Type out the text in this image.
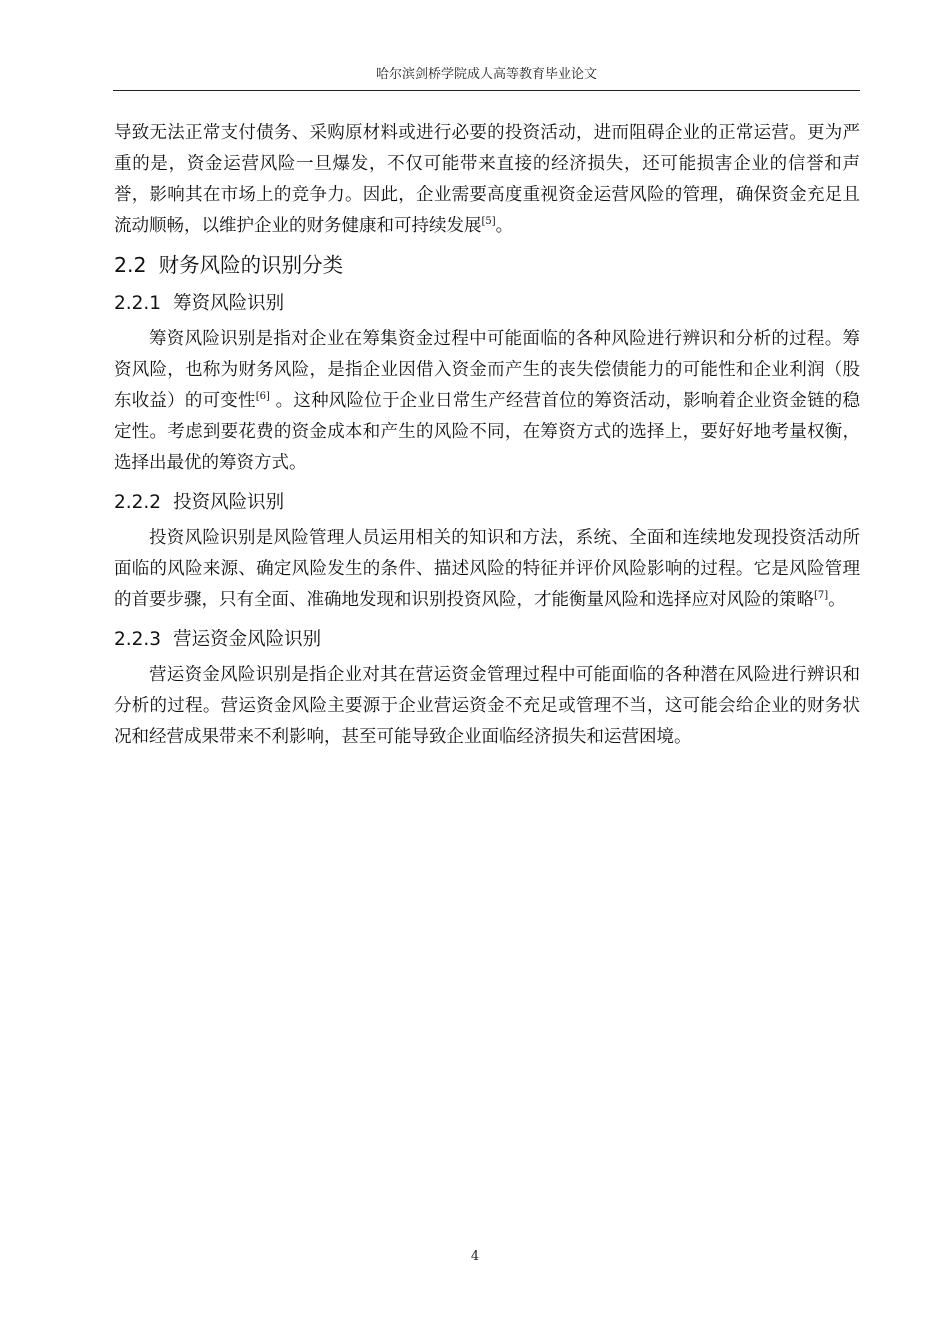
哈尔滨剑桥学院成人高等教育毕业论文

导致无法正常支付债务、采购原材料或进行必要的投资活动，进而阻碍企业的正常运营。更为严重的是，资金运营风险一旦爆发，不仅可能带来直接的经济损失，还可能损害企业的信誉和声誉，影响其在市场上的竞争力。因此，企业需要高度重视资金运营风险的管理，确保资金充足且流动顺畅，以维护企业的财务健康和可持续发展[5]。

2.2 财务风险的识别分类
2.2.1 筹资风险识别

筹资风险识别是指对企业在筹集资金过程中可能面临的各种风险进行辨识和分析的过程。筹资风险，也称为财务风险，是指企业因借入资金而产生的丧失偿债能力的可能性和企业利润（股东收益）的可变性[6] 。这种风险位于企业日常生产经营首位的筹资活动，影响着企业资金链的稳定性。考虑到要花费的资金成本和产生的风险不同，在筹资方式的选择上，要好好地考量权衡，选择出最优的筹资方式。

2.2.2 投资风险识别

投资风险识别是风险管理人员运用相关的知识和方法，系统、全面和连续地发现投资活动所面临的风险来源、确定风险发生的条件、描述风险的特征并评价风险影响的过程。它是风险管理的首要步骤，只有全面、准确地发现和识别投资风险，才能衡量风险和选择应对风险的策略[7]。

2.2.3 营运资金风险识别

营运资金风险识别是指企业对其在营运资金管理过程中可能面临的各种潜在风险进行辨识和分析的过程。营运资金风险主要源于企业营运资金不充足或管理不当，这可能会给企业的财务状况和经营成果带来不利影响，甚至可能导致企业面临经济损失和运营困境。

4
